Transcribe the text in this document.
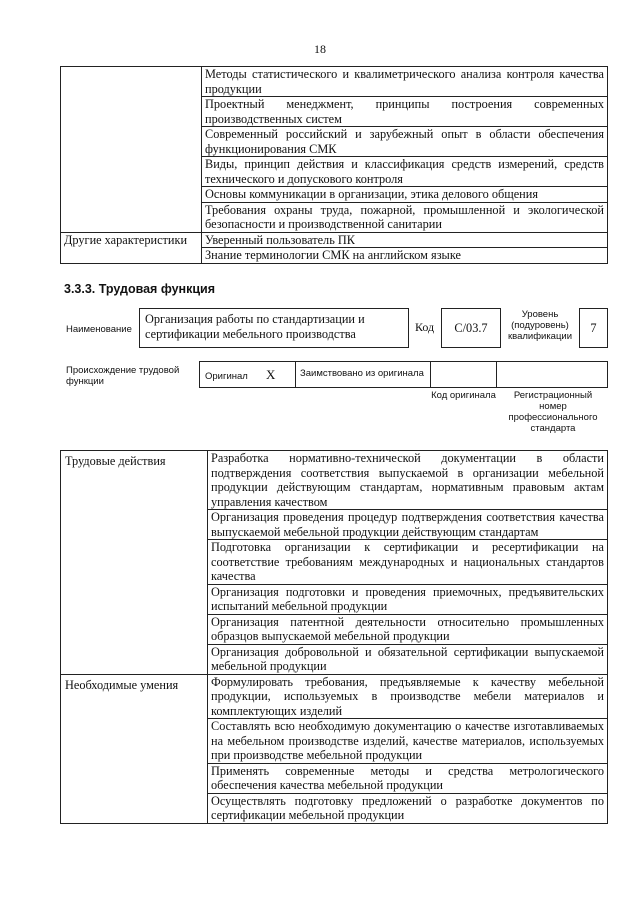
18
	Методы статистического и квалиметрического анализа контроля качества продукции
	Проектный менеджмент, принципы построения современных производственных систем
	Современный российский и зарубежный опыт в области обеспечения функционирования СМК
	Виды, принцип действия и классификация средств измерений, средств технического и допускового контроля
	Основы коммуникации в организации, этика делового общения
	Требования охраны труда, пожарной, промышленной и экологической безопасности и производственной санитарии
Другие характеристики	Уверенный пользователь ПК
	Знание терминологии СМК на английском языке
3.3.3. Трудовая функция
Наименование
Организация работы по стандартизации и сертификации мебельного производства	Код	C/03.7
Уровень (подуровень) квалификации
7
Происхождение трудовой функции	Оригинал X	Заимствовано из оригинала
Код оригинала	Регистрационный номер профессионального стандарта
Трудовые действия	Разработка нормативно-технической документации в области подтверждения соответствия выпускаемой в организации мебельной продукции действующим стандартам, нормативным правовым актам управления качеством
	Организация проведения процедур подтверждения соответствия качества выпускаемой мебельной продукции действующим стандартам
	Подготовка организации к сертификации и ресертификации на соответствие требованиям международных и национальных стандартов качества
	Организация подготовки и проведения приемочных, предъявительских испытаний мебельной продукции
	Организация патентной деятельности относительно промышленных образцов выпускаемой мебельной продукции
	Организация добровольной и обязательной сертификации выпускаемой мебельной продукции
Необходимые умения	Формулировать требования, предъявляемые к качеству мебельной продукции, используемых в производстве мебели материалов и комплектующих изделий
	Составлять всю необходимую документацию о качестве изготавливаемых на мебельном производстве изделий, качестве материалов, используемых при производстве мебельной продукции
	Применять современные методы и средства метрологического обеспечения качества мебельной продукции
	Осуществлять подготовку предложений о разработке документов по сертификации мебельной продукции
